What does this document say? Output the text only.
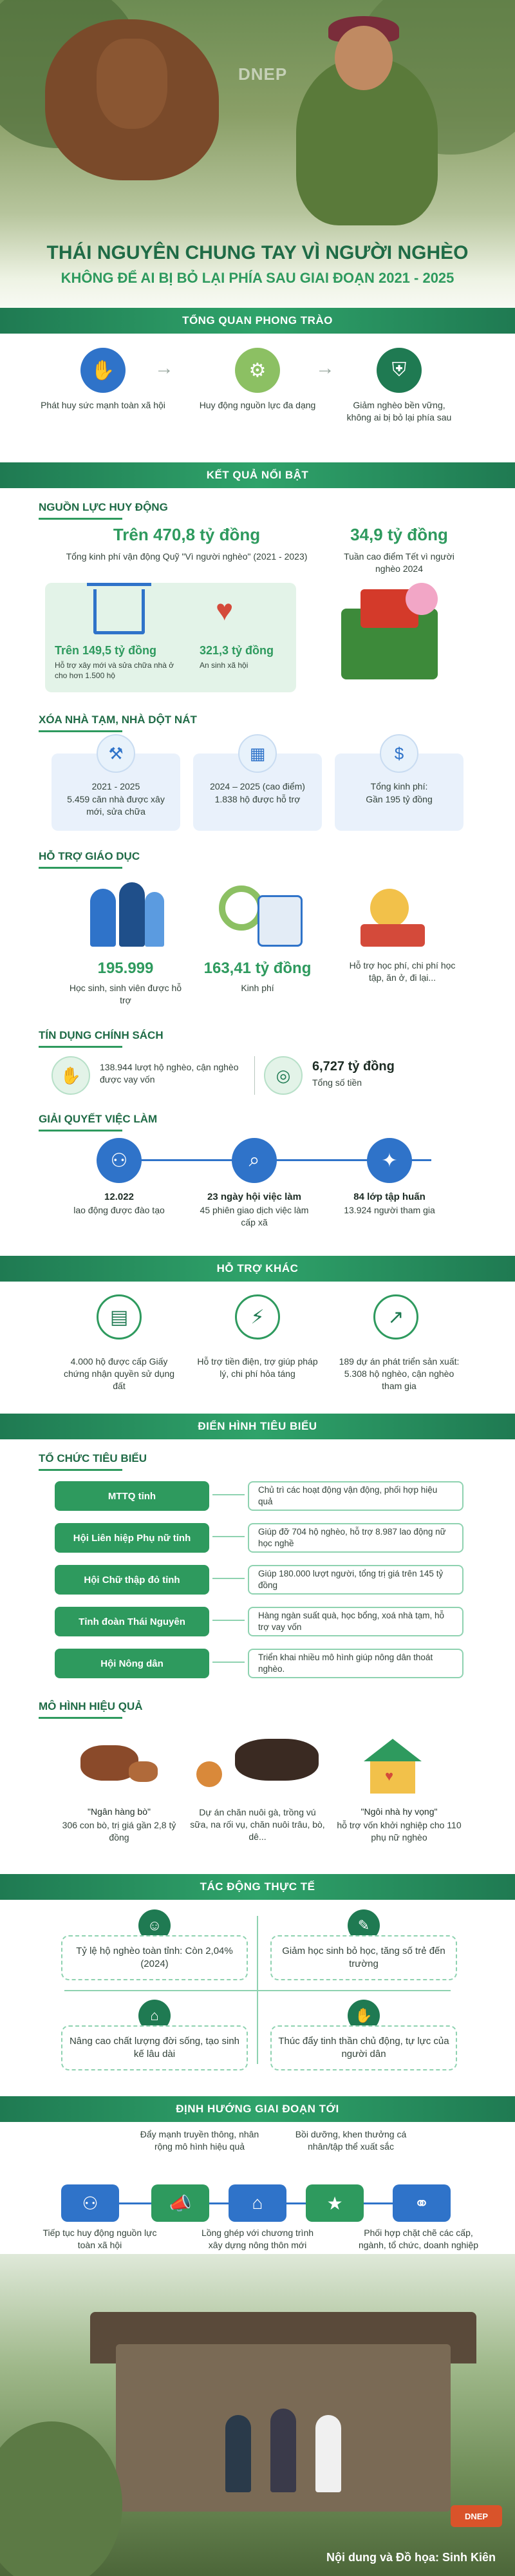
DNEP
THÁI NGUYÊN CHUNG TAY VÌ NGƯỜI NGHÈO
KHÔNG ĐỂ AI BỊ BỎ LẠI PHÍA SAU GIAI ĐOẠN 2021 - 2025
TỔNG QUAN PHONG TRÀO
✋	→	⚙	→	⛨
Phát huy sức mạnh toàn xã hội	Huy động nguồn lực đa dạng	Giảm nghèo bền vững, không ai bị bỏ lại phía sau
KẾT QUẢ NỔI BẬT
NGUỒN LỰC HUY ĐỘNG
Trên 470,8 tỷ đồng
Tổng kinh phí vận động Quỹ "Vì người nghèo" (2021 - 2023)
34,9 tỷ đồng
Tuần cao điểm Tết vì người nghèo 2024
♥
Trên 149,5 tỷ đồng
Hỗ trợ xây mới và sửa chữa nhà ở cho hơn 1.500 hộ
321,3 tỷ đồng
An sinh xã hội
XÓA NHÀ TẠM, NHÀ DỘT NÁT
⚒	▦	$
2021 - 2025
5.459 căn nhà được xây mới, sửa chữa
2024 – 2025 (cao điểm)
1.838 hộ được hỗ trợ
Tổng kinh phí:
Gần 195 tỷ đồng
HỖ TRỢ GIÁO DỤC
195.999
Học sinh, sinh viên được hỗ trợ
163,41 tỷ đồng
Kinh phí
Hỗ trợ học phí, chi phí học tập, ăn ở, đi lại...
TÍN DỤNG CHÍNH SÁCH
✋	138.944 lượt hộ nghèo, cận nghèo được vay vốn	◎	6,727 tỷ đồng
Tổng số tiền
GIẢI QUYẾT VIỆC LÀM
⚇	⌕	✦
12.022
lao động được đào tạo
23 ngày hội việc làm
45 phiên giao dịch việc làm cấp xã
84 lớp tập huấn
13.924 người tham gia
HỖ TRỢ KHÁC
▤	⚡	↗
4.000 hộ được cấp Giấy chứng nhận quyền sử dụng đất
Hỗ trợ tiền điện, trợ giúp pháp lý, chi phí hỏa táng
189 dự án phát triển sản xuất: 5.308 hộ nghèo, cận nghèo tham gia
ĐIỂN HÌNH TIÊU BIỂU
TỔ CHỨC TIÊU BIỂU
MTTQ tỉnh
Chủ trì các hoạt động vận động, phối hợp hiệu quả
Hội Liên hiệp Phụ nữ tỉnh
Giúp đỡ 704 hộ nghèo, hỗ trợ 8.987 lao động nữ học nghề
Hội Chữ thập đỏ tỉnh
Giúp 180.000 lượt người, tổng trị giá trên 145 tỷ đồng
Tỉnh đoàn Thái Nguyên
Hàng ngàn suất quà, học bổng, xoá nhà tạm, hỗ trợ vay vốn
Hội Nông dân
Triển khai nhiều mô hình giúp nông dân thoát nghèo.
MÔ HÌNH HIỆU QUẢ
♥
"Ngân hàng bò"
306 con bò, trị giá gần 2,8 tỷ đồng
Dự án chăn nuôi gà, trồng vú sữa, na rối vụ, chăn nuôi trâu, bò, dê...
"Ngôi nhà hy vọng"
hỗ trợ vốn khởi nghiệp cho 110 phụ nữ nghèo
TÁC ĐỘNG THỰC TẾ
☺	✎
⌂	✋
Tỷ lệ hộ nghèo toàn tỉnh: Còn 2,04% (2024)
Giảm học sinh bỏ học, tăng số trẻ đến trường
Nâng cao chất lượng đời sống, tạo sinh kế lâu dài
Thúc đẩy tinh thần chủ động, tự lực của người dân
ĐỊNH HƯỚNG GIAI ĐOẠN TỚI
Đẩy mạnh truyền thông, nhân rộng mô hình hiệu quả
Bồi dưỡng, khen thưởng cá nhân/tập thể xuất sắc
⚇	📣	⌂	★	⚭
Tiếp tục huy động nguồn lực toàn xã hội
Lồng ghép với chương trình xây dựng nông thôn mới
Phối hợp chặt chẽ các cấp, ngành, tổ chức, doanh nghiệp
DNEP
Nội dung và Đồ họa: Sinh Kiên
